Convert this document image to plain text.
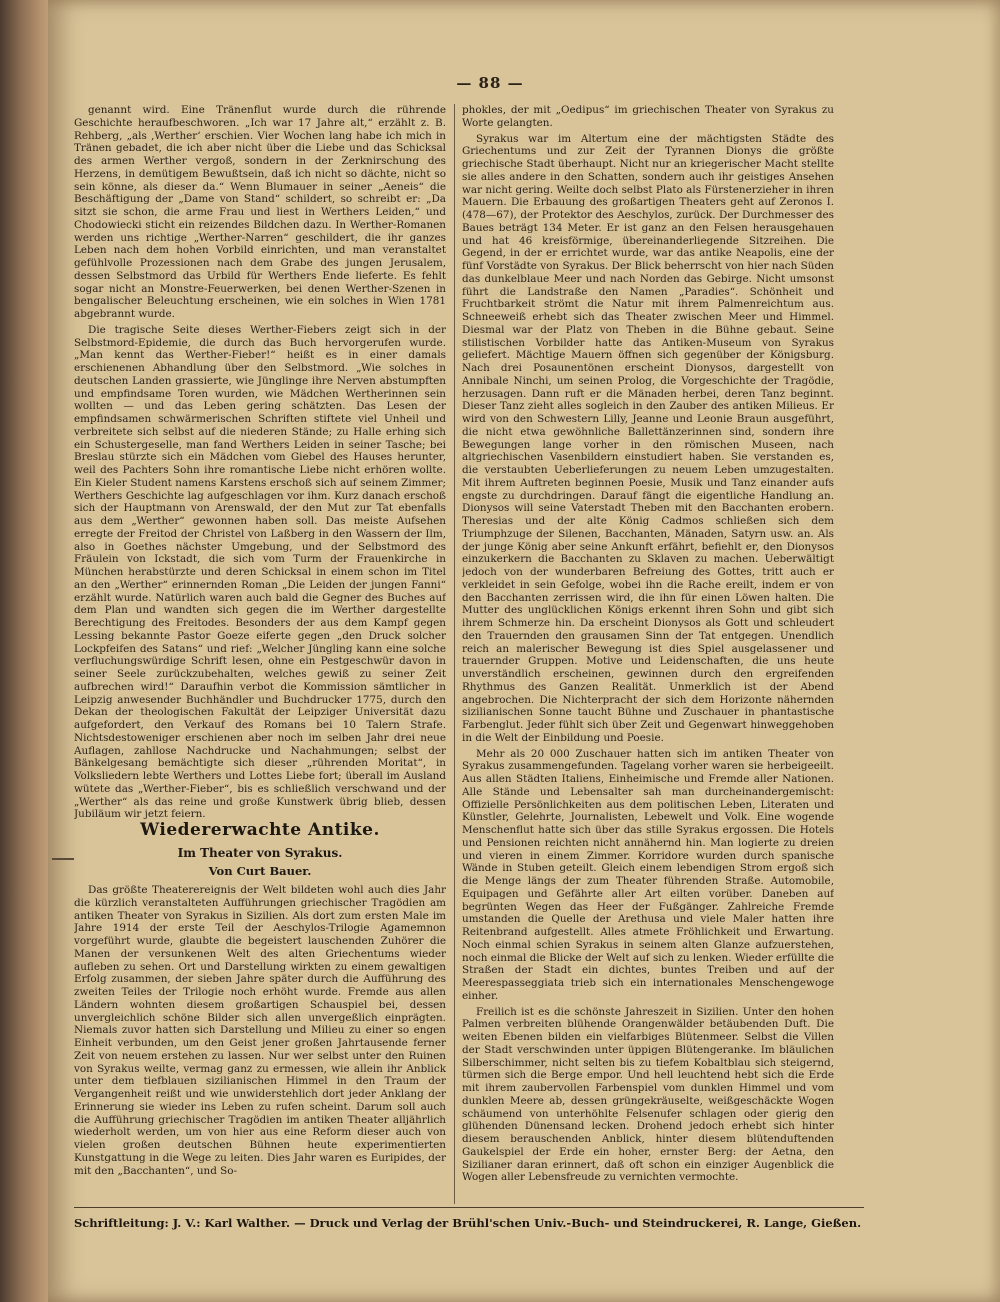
— 88 —

genannt wird. Eine Tränenflut wurde durch die rührende Geschichte heraufbeschworen. „Ich war 17 Jahre alt,“ erzählt z. B. Rehberg, „als ‚Werther‘ erschien. Vier Wochen lang habe ich mich in Tränen gebadet, die ich aber nicht über die Liebe und das Schicksal des armen Werther vergoß, sondern in der Zerknirschung des Herzens, in demütigem Bewußtsein, daß ich nicht so dächte, nicht so sein könne, als dieser da.“ Wenn Blumauer in seiner „Aeneis“ die Beschäftigung der „Dame von Stand“ schildert, so schreibt er: „Da sitzt sie schon, die arme Frau und liest in Werthers Leiden,“ und Chodowiecki sticht ein reizendes Bildchen dazu. In Werther-Romanen werden uns richtige „Werther-Narren“ geschildert, die ihr ganzes Leben nach dem hohen Vorbild einrichten, und man veranstaltet gefühlvolle Prozessionen nach dem Grabe des jungen Jerusalem, dessen Selbstmord das Urbild für Werthers Ende lieferte. Es fehlt sogar nicht an Monstre-Feuerwerken, bei denen Werther-Szenen in bengalischer Beleuchtung erscheinen, wie ein solches in Wien 1781 abgebrannt wurde.

Die tragische Seite dieses Werther-Fiebers zeigt sich in der Selbstmord-Epidemie, die durch das Buch hervorgerufen wurde. „Man kennt das Werther-Fieber!“ heißt es in einer damals erschienenen Abhandlung über den Selbstmord. „Wie solches in deutschen Landen grassierte, wie Jünglinge ihre Nerven abstumpften und empfindsame Toren wurden, wie Mädchen Wertherinnen sein wollten — und das Leben gering schätzten. Das Lesen der empfindsamen schwärmerischen Schriften stiftete viel Unheil und verbreitete sich selbst auf die niederen Stände; zu Halle erhing sich ein Schustergeselle, man fand Werthers Leiden in seiner Tasche; bei Breslau stürzte sich ein Mädchen vom Giebel des Hauses herunter, weil des Pachters Sohn ihre romantische Liebe nicht erhören wollte. Ein Kieler Student namens Karstens erschoß sich auf seinem Zimmer; Werthers Geschichte lag aufgeschlagen vor ihm. Kurz danach erschoß sich der Hauptmann von Arenswald, der den Mut zur Tat ebenfalls aus dem „Werther“ gewonnen haben soll. Das meiste Aufsehen erregte der Freitod der Christel von Laßberg in den Wassern der Ilm, also in Goethes nächster Umgebung, und der Selbstmord des Fräulein von Ickstadt, die sich vom Turm der Frauenkirche in München herabstürzte und deren Schicksal in einem schon im Titel an den „Werther“ erinnernden Roman „Die Leiden der jungen Fanni“ erzählt wurde. Natürlich waren auch bald die Gegner des Buches auf dem Plan und wandten sich gegen die im Werther dargestellte Berechtigung des Freitodes. Besonders der aus dem Kampf gegen Lessing bekannte Pastor Goeze eiferte gegen „den Druck solcher Lockpfeifen des Satans“ und rief: „Welcher Jüngling kann eine solche verfluchungswürdige Schrift lesen, ohne ein Pestgeschwür davon in seiner Seele zurückzubehalten, welches gewiß zu seiner Zeit aufbrechen wird!“ Daraufhin verbot die Kommission sämtlicher in Leipzig anwesender Buchhändler und Buchdrucker 1775, durch den Dekan der theologischen Fakultät der Leipziger Universität dazu aufgefordert, den Verkauf des Romans bei 10 Talern Strafe. Nichtsdestoweniger erschienen aber noch im selben Jahr drei neue Auflagen, zahllose Nachdrucke und Nachahmungen; selbst der Bänkelgesang bemächtigte sich dieser „rührenden Moritat“, in Volksliedern lebte Werthers und Lottes Liebe fort; überall im Ausland wütete das „Werther-Fieber“, bis es schließlich verschwand und der „Werther“ als das reine und große Kunstwerk übrig blieb, dessen Jubiläum wir jetzt feiern.

Wiedererwachte Antike.

Im Theater von Syrakus.

Von Curt Bauer.

Das größte Theaterereignis der Welt bildeten wohl auch dies Jahr die kürzlich veranstalteten Aufführungen griechischer Tragödien am antiken Theater von Syrakus in Sizilien. Als dort zum ersten Male im Jahre 1914 der erste Teil der Aeschylos-Trilogie Agamemnon vorgeführt wurde, glaubte die begeistert lauschenden Zuhörer die Manen der versunkenen Welt des alten Griechentums wieder aufleben zu sehen. Ort und Darstellung wirkten zu einem gewaltigen Erfolg zusammen, der sieben Jahre später durch die Aufführung des zweiten Teiles der Trilogie noch erhöht wurde. Fremde aus allen Ländern wohnten diesem großartigen Schauspiel bei, dessen unvergleichlich schöne Bilder sich allen unvergeßlich einprägten. Niemals zuvor hatten sich Darstellung und Milieu zu einer so engen Einheit verbunden, um den Geist jener großen Jahrtausende ferner Zeit von neuem erstehen zu lassen. Nur wer selbst unter den Ruinen von Syrakus weilte, vermag ganz zu ermessen, wie allein ihr Anblick unter dem tiefblauen sizilianischen Himmel in den Traum der Vergangenheit reißt und wie unwiderstehlich dort jeder Anklang der Erinnerung sie wieder ins Leben zu rufen scheint. Darum soll auch die Aufführung griechischer Tragödien im antiken Theater alljährlich wiederholt werden, um von hier aus eine Reform dieser auch von vielen großen deutschen Bühnen heute experimentierten Kunstgattung in die Wege zu leiten. Dies Jahr waren es Euripides, der mit den „Bacchanten“, und So-

phokles, der mit „Oedipus“ im griechischen Theater von Syrakus zu Worte gelangten.

Syrakus war im Altertum eine der mächtigsten Städte des Griechentums und zur Zeit der Tyrannen Dionys die größte griechische Stadt überhaupt. Nicht nur an kriegerischer Macht stellte sie alles andere in den Schatten, sondern auch ihr geistiges Ansehen war nicht gering. Weilte doch selbst Plato als Fürstenerzieher in ihren Mauern. Die Erbauung des großartigen Theaters geht auf Zeronos I. (478—67), der Protektor des Aeschylos, zurück. Der Durchmesser des Baues beträgt 134 Meter. Er ist ganz an den Felsen herausgehauen und hat 46 kreisförmige, übereinanderliegende Sitzreihen. Die Gegend, in der er errichtet wurde, war das antike Neapolis, eine der fünf Vorstädte von Syrakus. Der Blick beherrscht von hier nach Süden das dunkelblaue Meer und nach Norden das Gebirge. Nicht umsonst führt die Landstraße den Namen „Paradies“. Schönheit und Fruchtbarkeit strömt die Natur mit ihrem Palmenreichtum aus. Schneeweiß erhebt sich das Theater zwischen Meer und Himmel. Diesmal war der Platz von Theben in die Bühne gebaut. Seine stilistischen Vorbilder hatte das Antiken-Museum von Syrakus geliefert. Mächtige Mauern öffnen sich gegenüber der Königsburg. Nach drei Posaunentönen erscheint Dionysos, dargestellt von Annibale Ninchi, um seinen Prolog, die Vorgeschichte der Tragödie, herzusagen. Dann ruft er die Mänaden herbei, deren Tanz beginnt. Dieser Tanz zieht alles sogleich in den Zauber des antiken Milieus. Er wird von den Schwestern Lilly, Jeanne und Leonie Braun ausgeführt, die nicht etwa gewöhnliche Ballettänzerinnen sind, sondern ihre Bewegungen lange vorher in den römischen Museen, nach altgriechischen Vasenbildern einstudiert haben. Sie verstanden es, die verstaubten Ueberlieferungen zu neuem Leben umzugestalten. Mit ihrem Auftreten beginnen Poesie, Musik und Tanz einander aufs engste zu durchdringen. Darauf fängt die eigentliche Handlung an. Dionysos will seine Vaterstadt Theben mit den Bacchanten erobern. Theresias und der alte König Cadmos schließen sich dem Triumphzuge der Silenen, Bacchanten, Mänaden, Satyrn usw. an. Als der junge König aber seine Ankunft erfährt, befiehlt er, den Dionysos einzukerkern die Bacchanten zu Sklaven zu machen. Ueberwältigt jedoch von der wunderbaren Befreiung des Gottes, tritt auch er verkleidet in sein Gefolge, wobei ihn die Rache ereilt, indem er von den Bacchanten zerrissen wird, die ihn für einen Löwen halten. Die Mutter des unglücklichen Königs erkennt ihren Sohn und gibt sich ihrem Schmerze hin. Da erscheint Dionysos als Gott und schleudert den Trauernden den grausamen Sinn der Tat entgegen. Unendlich reich an malerischer Bewegung ist dies Spiel ausgelassener und trauernder Gruppen. Motive und Leidenschaften, die uns heute unverständlich erscheinen, gewinnen durch den ergreifenden Rhythmus des Ganzen Realität. Unmerklich ist der Abend angebrochen. Die Nichterpracht der sich dem Horizonte nähernden sizilianischen Sonne taucht Bühne und Zuschauer in phantastische Farbenglut. Jeder fühlt sich über Zeit und Gegenwart hinweggehoben in die Welt der Einbildung und Poesie.

Mehr als 20 000 Zuschauer hatten sich im antiken Theater von Syrakus zusammengefunden. Tagelang vorher waren sie herbeigeeilt. Aus allen Städten Italiens, Einheimische und Fremde aller Nationen. Alle Stände und Lebensalter sah man durcheinandergemischt: Offizielle Persönlichkeiten aus dem politischen Leben, Literaten und Künstler, Gelehrte, Journalisten, Lebewelt und Volk. Eine wogende Menschenflut hatte sich über das stille Syrakus ergossen. Die Hotels und Pensionen reichten nicht annähernd hin. Man logierte zu dreien und vieren in einem Zimmer. Korridore wurden durch spanische Wände in Stuben geteilt. Gleich einem lebendigen Strom ergoß sich die Menge längs der zum Theater führenden Straße. Automobile, Equipagen und Gefährte aller Art eilten vorüber. Daneben auf begrünten Wegen das Heer der Fußgänger. Zahlreiche Fremde umstanden die Quelle der Arethusa und viele Maler hatten ihre Reitenbrand aufgestellt. Alles atmete Fröhlichkeit und Erwartung. Noch einmal schien Syrakus in seinem alten Glanze aufzuerstehen, noch einmal die Blicke der Welt auf sich zu lenken. Wieder erfüllte die Straßen der Stadt ein dichtes, buntes Treiben und auf der Meerespasseggiata trieb sich ein internationales Menschengewoge einher.

Freilich ist es die schönste Jahreszeit in Sizilien. Unter den hohen Palmen verbreiten blühende Orangenwälder betäubenden Duft. Die weiten Ebenen bilden ein vielfarbiges Blütenmeer. Selbst die Villen der Stadt verschwinden unter üppigen Blütengeranke. Im bläulichen Silberschimmer, nicht selten bis zu tiefem Kobaltblau sich steigernd, türmen sich die Berge empor. Und hell leuchtend hebt sich die Erde mit ihrem zaubervollen Farbenspiel vom dunklen Himmel und vom dunklen Meere ab, dessen grüngekräuselte, weißgeschäckte Wogen schäumend von unterhöhlte Felsenufer schlagen oder gierig den glühenden Dünensand lecken. Drohend jedoch erhebt sich hinter diesem berauschenden Anblick, hinter diesem blütenduftenden Gaukelspiel der Erde ein hoher, ernster Berg: der Aetna, den Sizilianer daran erinnert, daß oft schon ein einziger Augenblick die Wogen aller Lebensfreude zu vernichten vermochte.

Schriftleitung: J. V.: Karl Walther. — Druck und Verlag der Brühl'schen Univ.-Buch- und Steindruckerei, R. Lange, Gießen.
